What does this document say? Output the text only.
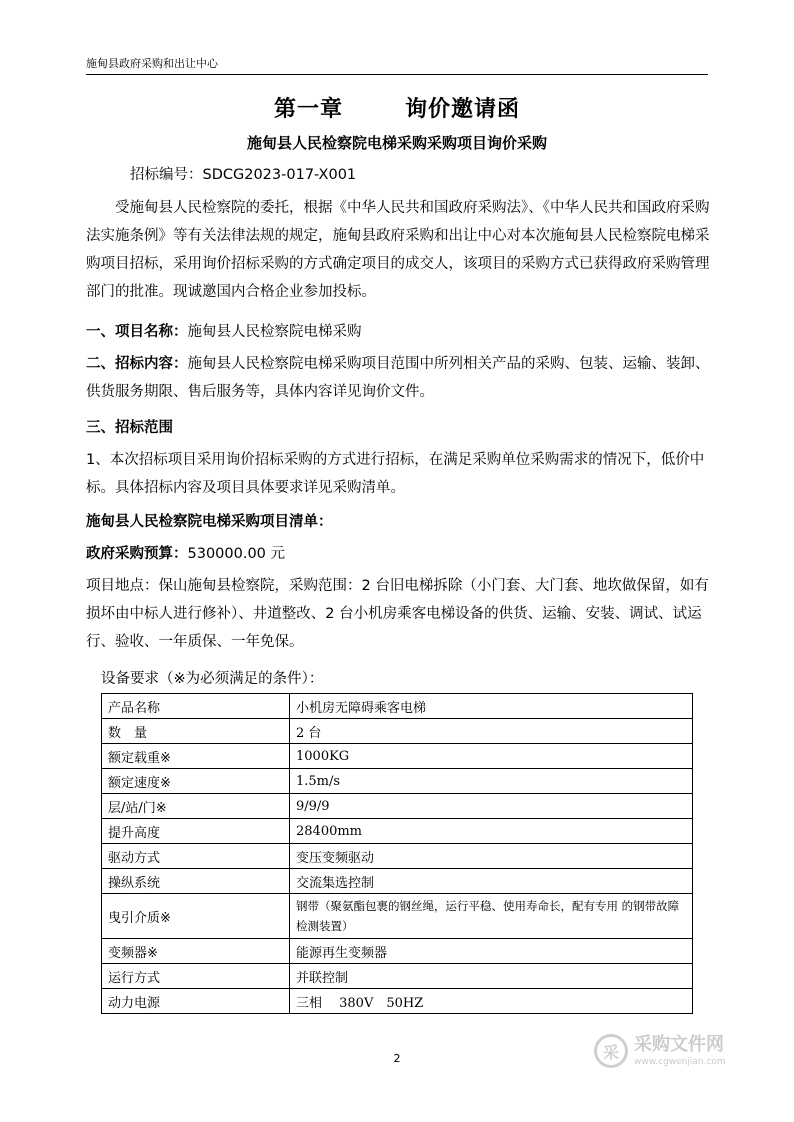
施甸县政府采购和出让中心
第一章	询价邀请函
施甸县人民检察院电梯采购采购项目询价采购
招标编号：SDCG2023-017-X001
受施甸县人民检察院的委托，根据《中华人民共和国政府采购法》、《中华人民共和国政府采购法实施条例》等有关法律法规的规定，施甸县政府采购和出让中心对本次施甸县人民检察院电梯采购项目招标，采用询价招标采购的方式确定项目的成交人，该项目的采购方式已获得政府采购管理部门的批准。现诚邀国内合格企业参加投标。
一、项目名称：施甸县人民检察院电梯采购
二、招标内容：施甸县人民检察院电梯采购项目范围中所列相关产品的采购、包装、运输、装卸、供货服务期限、售后服务等，具体内容详见询价文件。
三、招标范围
1、本次招标项目采用询价招标采购的方式进行招标，在满足采购单位采购需求的情况下，低价中标。具体招标内容及项目具体要求详见采购清单。
施甸县人民检察院电梯采购项目清单：
政府采购预算：530000.00 元
项目地点：保山施甸县检察院，采购范围：2 台旧电梯拆除（小门套、大门套、地坎做保留，如有损坏由中标人进行修补）、井道整改、2 台小机房乘客电梯设备的供货、运输、安装、调试、试运行、验收、一年质保、一年免保。
设备要求（※为必须满足的条件）：
产品名称	小机房无障碍乘客电梯
数　量	2 台
额定载重※	1000KG
额定速度※	1.5m/s
层/站/门※	9/9/9
提升高度	28400mm
驱动方式	变压变频驱动
操纵系统	交流集选控制
曳引介质※	钢带（聚氨酯包裹的钢丝绳，运行平稳、使用寿命长，配有专用 的钢带故障检测装置）
变频器※	能源再生变频器
运行方式	并联控制
动力电源	三相　 380V　50HZ
2	采 采购文件网
www.cgwenjian.com
